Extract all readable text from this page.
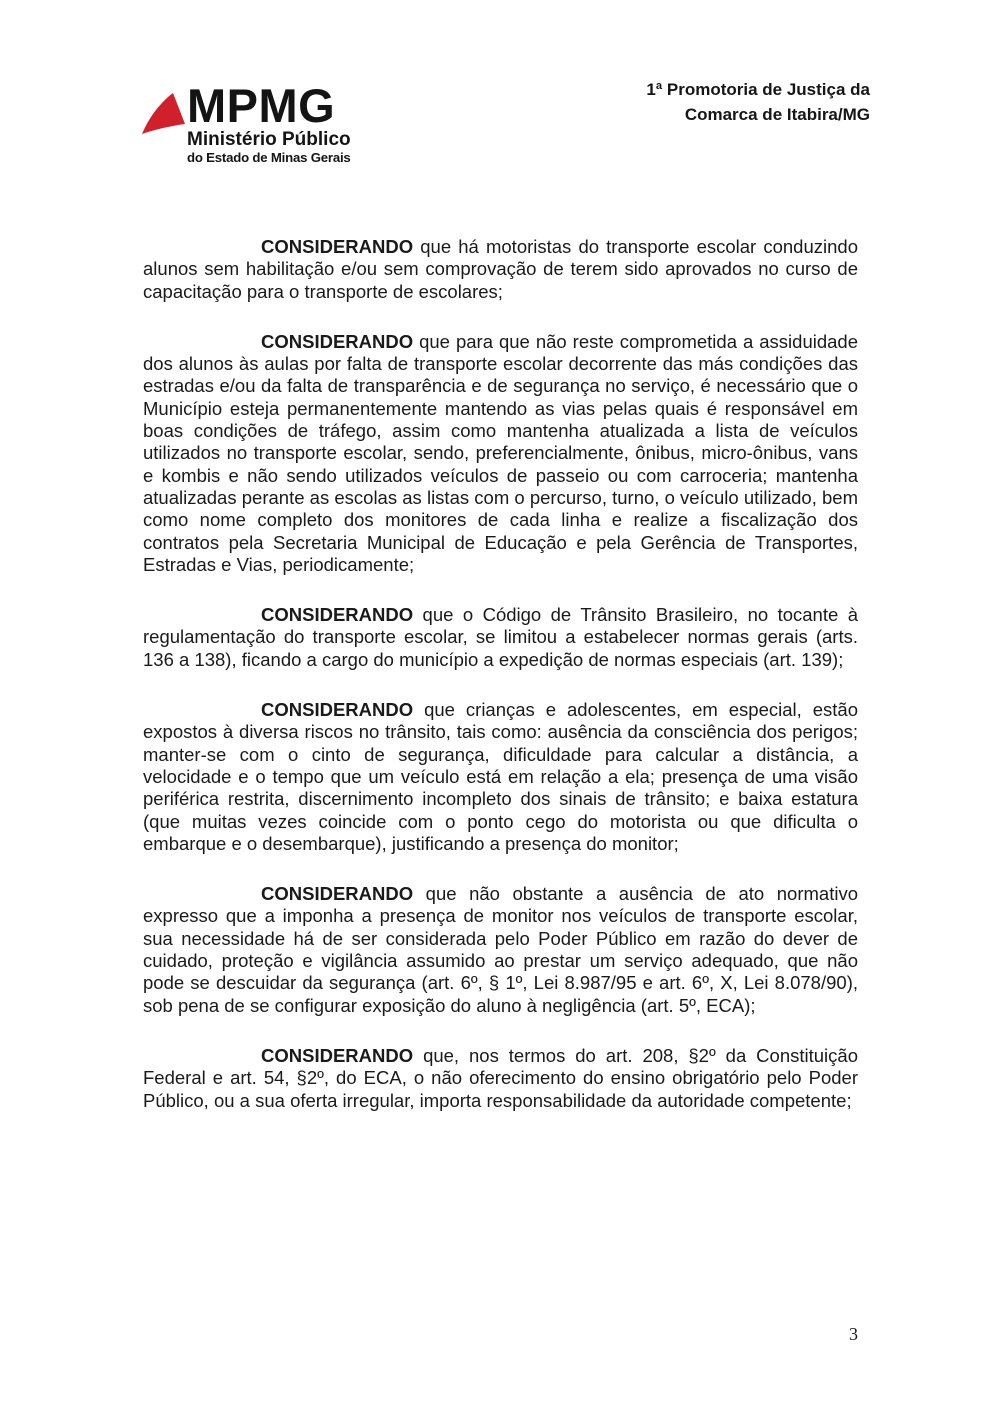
MPMG
Ministério Público
do Estado de Minas Gerais
1ª Promotoria de Justiça da
Comarca de Itabira/MG

CONSIDERANDO que há motoristas do transporte escolar conduzindo alunos sem habilitação e/ou sem comprovação de terem sido aprovados no curso de capacitação para o transporte de escolares;

CONSIDERANDO que para que não reste comprometida a assiduidade dos alunos às aulas por falta de transporte escolar decorrente das más condições das estradas e/ou da falta de transparência e de segurança no serviço, é necessário que o Município esteja permanentemente mantendo as vias pelas quais é responsável em boas condições de tráfego, assim como mantenha atualizada a lista de veículos utilizados no transporte escolar, sendo, preferencialmente, ônibus, micro-ônibus, vans e kombis e não sendo utilizados veículos de passeio ou com carroceria; mantenha atualizadas perante as escolas as listas com o percurso, turno, o veículo utilizado, bem como nome completo dos monitores de cada linha e realize a fiscalização dos contratos pela Secretaria Municipal de Educação e pela Gerência de Transportes, Estradas e Vias, periodicamente;

CONSIDERANDO que o Código de Trânsito Brasileiro, no tocante à regulamentação do transporte escolar, se limitou a estabelecer normas gerais (arts. 136 a 138), ficando a cargo do município a expedição de normas especiais (art. 139);

CONSIDERANDO que crianças e adolescentes, em especial, estão expostos à diversa riscos no trânsito, tais como: ausência da consciência dos perigos; manter-se com o cinto de segurança, dificuldade para calcular a distância, a velocidade e o tempo que um veículo está em relação a ela; presença de uma visão periférica restrita, discernimento incompleto dos sinais de trânsito; e baixa estatura (que muitas vezes coincide com o ponto cego do motorista ou que dificulta o embarque e o desembarque), justificando a presença do monitor;

CONSIDERANDO que não obstante a ausência de ato normativo expresso que a imponha a presença de monitor nos veículos de transporte escolar, sua necessidade há de ser considerada pelo Poder Público em razão do dever de cuidado, proteção e vigilância assumido ao prestar um serviço adequado, que não pode se descuidar da segurança (art. 6º, § 1º, Lei 8.987/95 e art. 6º, X, Lei 8.078/90), sob pena de se configurar exposição do aluno à negligência (art. 5º, ECA);

CONSIDERANDO que, nos termos do art. 208, §2º da Constituição Federal e art. 54, §2º, do ECA, o não oferecimento do ensino obrigatório pelo Poder Público, ou a sua oferta irregular, importa responsabilidade da autoridade competente;

3
